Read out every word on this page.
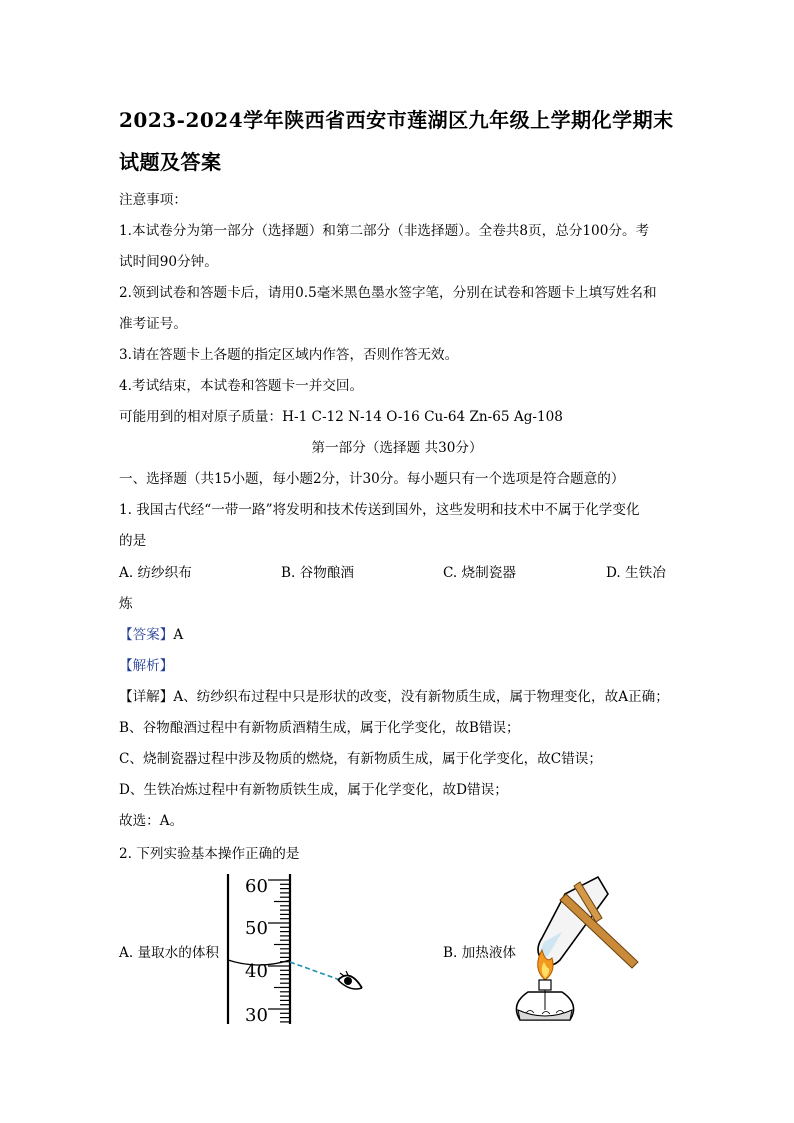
2023-2024学年陕西省西安市莲湖区九年级上学期化学期末
试题及答案
注意事项：
1.本试卷分为第一部分（选择题）和第二部分（非选择题）。全卷共8页，总分100分。考
试时间90分钟。
2.领到试卷和答题卡后，请用0.5毫米黑色墨水签字笔，分别在试卷和答题卡上填写姓名和
准考证号。
3.请在答题卡上各题的指定区域内作答，否则作答无效。
4.考试结束，本试卷和答题卡一并交回。
可能用到的相对原子质量：H-1 C-12 N-14 O-16 Cu-64 Zn-65 Ag-108
第一部分（选择题 共30分）
一、选择题（共15小题，每小题2分，计30分。每小题只有一个选项是符合题意的）
1. 我国古代经“一带一路”将发明和技术传送到国外，这些发明和技术中不属于化学变化
的是
A. 纺纱织布	B. 谷物酿酒	C. 烧制瓷器	D. 生铁冶
炼
【答案】A
【解析】
【详解】A、纺纱织布过程中只是形状的改变，没有新物质生成，属于物理变化，故A正确；
B、谷物酿酒过程中有新物质酒精生成，属于化学变化，故B错误；
C、烧制瓷器过程中涉及物质的燃烧，有新物质生成，属于化学变化，故C错误；
D、生铁冶炼过程中有新物质铁生成，属于化学变化，故D错误；
故选：A。
2. 下列实验基本操作正确的是
A. 量取水的体积
60
50
40
30
B. 加热液体
